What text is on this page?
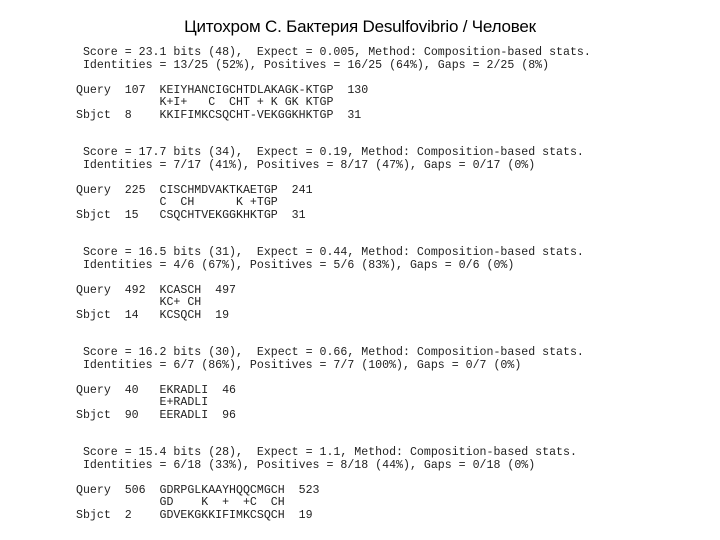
Цитохром С. Бактерия Desulfovibrio / Человек
Score = 23.1 bits (48),  Expect = 0.005, Method: Composition-based stats.
Identities = 13/25 (52%), Positives = 16/25 (64%), Gaps = 2/25 (8%)
Query  107  KEIYHANCIGCHTDLAKAGK-KTGP  130
K+I+   C  CHT + K GK KTGP
Sbjct  8    KKIFIMKCSQCHT-VEKGGKHKTGP  31
Score = 17.7 bits (34),  Expect = 0.19, Method: Composition-based stats.
Identities = 7/17 (41%), Positives = 8/17 (47%), Gaps = 0/17 (0%)
Query  225  CISCHMDVAKTKAETGP  241
C  CH      K +TGP
Sbjct  15   CSQCHTVEKGGKHKTGP  31
Score = 16.5 bits (31),  Expect = 0.44, Method: Composition-based stats.
Identities = 4/6 (67%), Positives = 5/6 (83%), Gaps = 0/6 (0%)
Query  492  KCASCH  497
KC+ CH
Sbjct  14   KCSQCH  19
Score = 16.2 bits (30),  Expect = 0.66, Method: Composition-based stats.
Identities = 6/7 (86%), Positives = 7/7 (100%), Gaps = 0/7 (0%)
Query  40   EKRADLI  46
E+RADLI
Sbjct  90   EERADLI  96
Score = 15.4 bits (28),  Expect = 1.1, Method: Composition-based stats.
Identities = 6/18 (33%), Positives = 8/18 (44%), Gaps = 0/18 (0%)
Query  506  GDRPGLKAAYHQQCMGCH  523
GD    K  +  +C  CH
Sbjct  2    GDVEKGKKIFIMKCSQCH  19
